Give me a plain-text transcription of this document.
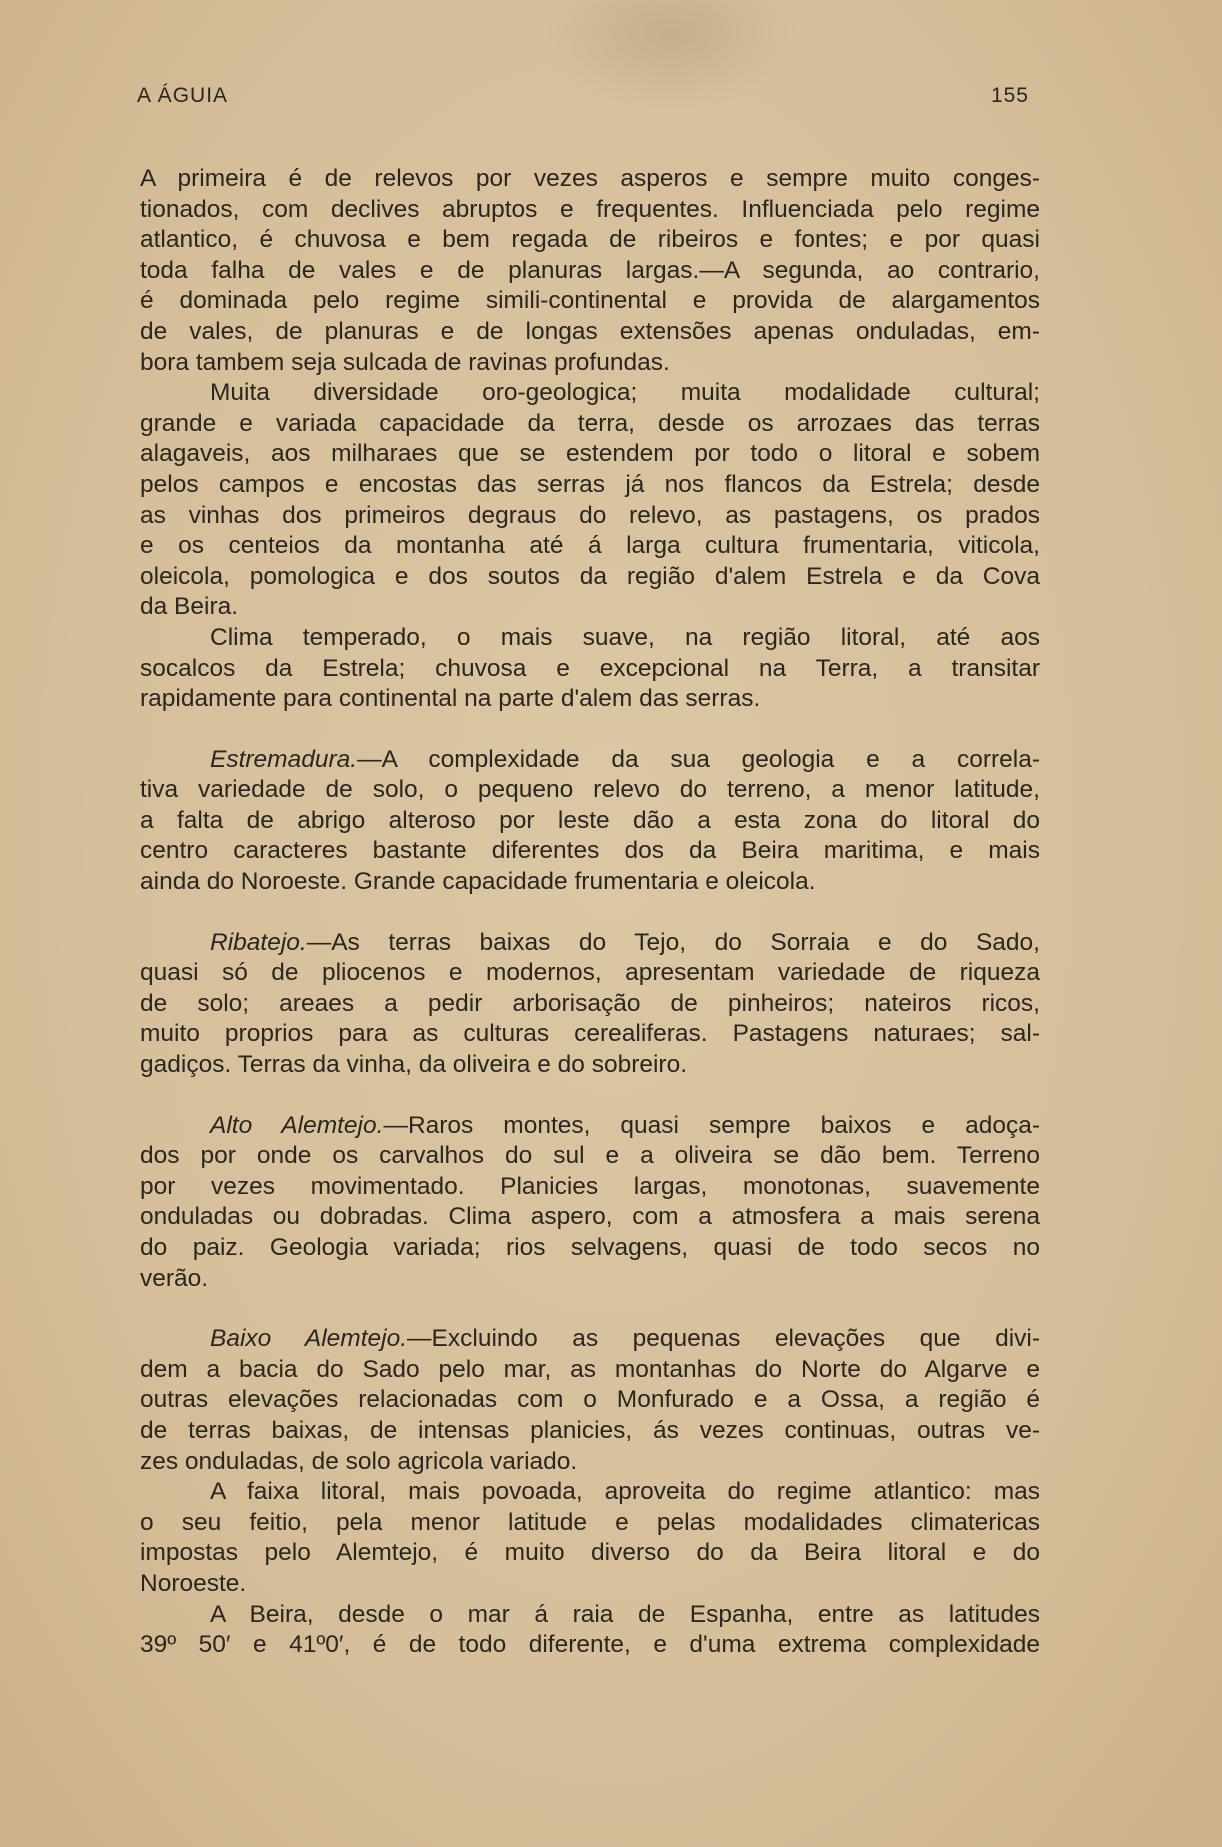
A ÁGUIA	155
A primeira é de relevos por vezes asperos e sempre muito conges-
tionados, com declives abruptos e frequentes. Influenciada pelo regime
atlantico, é chuvosa e bem regada de ribeiros e fontes; e por quasi
toda falha de vales e de planuras largas.—A segunda, ao contrario,
é dominada pelo regime simili-continental e provida de alargamentos
de vales, de planuras e de longas extensões apenas onduladas, em-
bora tambem seja sulcada de ravinas profundas.
Muita diversidade oro-geologica; muita modalidade cultural;
grande e variada capacidade da terra, desde os arrozaes das terras
alagaveis, aos milharaes que se estendem por todo o litoral e sobem
pelos campos e encostas das serras já nos flancos da Estrela; desde
as vinhas dos primeiros degraus do relevo, as pastagens, os prados
e os centeios da montanha até á larga cultura frumentaria, viticola,
oleicola, pomologica e dos soutos da região d'alem Estrela e da Cova
da Beira.
Clima temperado, o mais suave, na região litoral, até aos
socalcos da Estrela; chuvosa e excepcional na Terra, a transitar
rapidamente para continental na parte d'alem das serras.
Estremadura.—A complexidade da sua geologia e a correla-
tiva variedade de solo, o pequeno relevo do terreno, a menor latitude,
a falta de abrigo alteroso por leste dão a esta zona do litoral do
centro caracteres bastante diferentes dos da Beira maritima, e mais
ainda do Noroeste. Grande capacidade frumentaria e oleicola.
Ribatejo.—As terras baixas do Tejo, do Sorraia e do Sado,
quasi só de pliocenos e modernos, apresentam variedade de riqueza
de solo; areaes a pedir arborisação de pinheiros; nateiros ricos,
muito proprios para as culturas cerealiferas. Pastagens naturaes; sal-
gadiços. Terras da vinha, da oliveira e do sobreiro.
Alto Alemtejo.—Raros montes, quasi sempre baixos e adoça-
dos por onde os carvalhos do sul e a oliveira se dão bem. Terreno
por vezes movimentado. Planicies largas, monotonas, suavemente
onduladas ou dobradas. Clima aspero, com a atmosfera a mais serena
do paiz. Geologia variada; rios selvagens, quasi de todo secos no
verão.
Baixo Alemtejo.—Excluindo as pequenas elevações que divi-
dem a bacia do Sado pelo mar, as montanhas do Norte do Algarve e
outras elevações relacionadas com o Monfurado e a Ossa, a região é
de terras baixas, de intensas planicies, ás vezes continuas, outras ve-
zes onduladas, de solo agricola variado.
A faixa litoral, mais povoada, aproveita do regime atlantico: mas
o seu feitio, pela menor latitude e pelas modalidades climatericas
impostas pelo Alemtejo, é muito diverso do da Beira litoral e do
Noroeste.
A Beira, desde o mar á raia de Espanha, entre as latitudes
39º 50′ e 41º0′, é de todo diferente, e d'uma extrema complexidade
